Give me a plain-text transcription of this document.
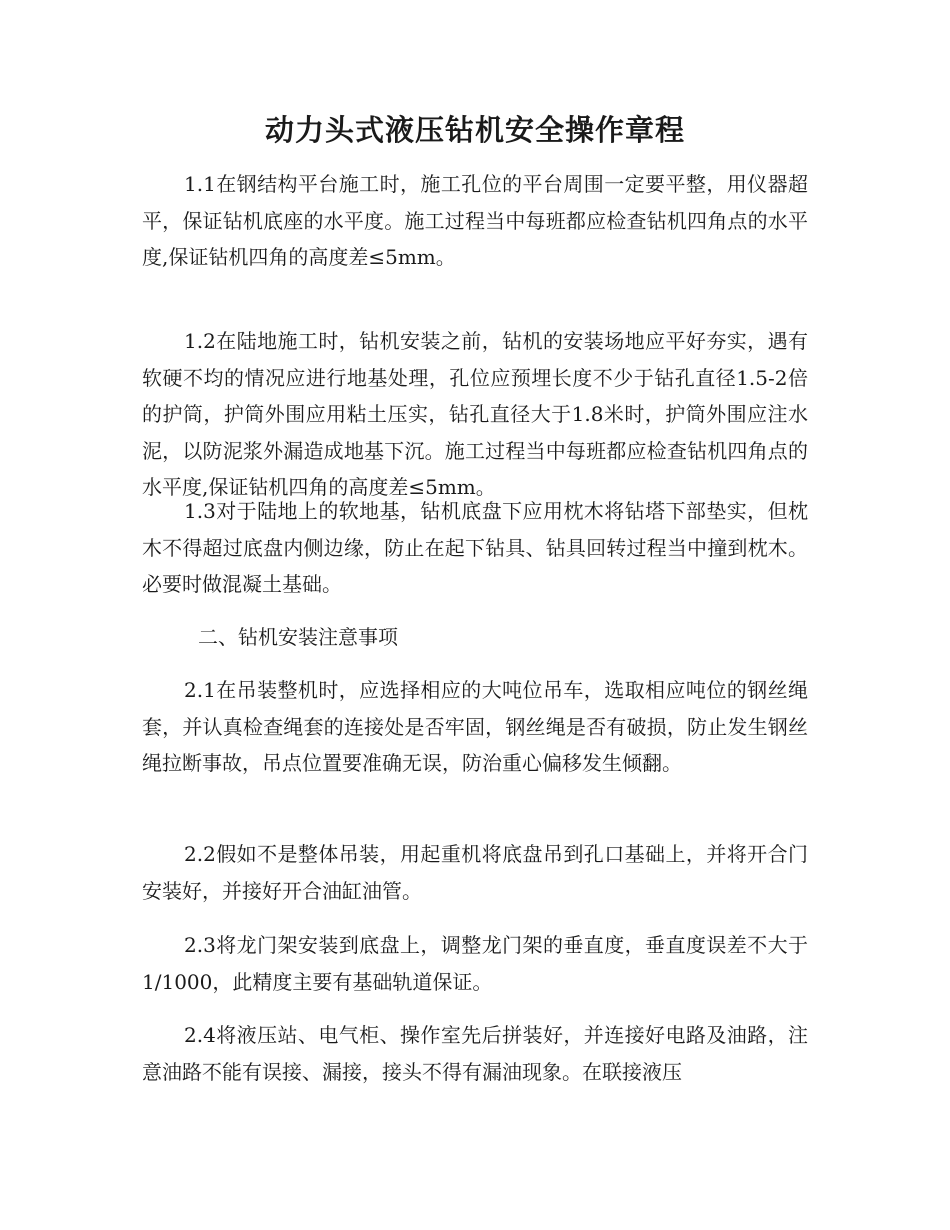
动力头式液压钻机安全操作章程

1.1在钢结构平台施工时，施工孔位的平台周围一定要平整，用仪器超平，保证钻机底座的水平度。施工过程当中每班都应检查钻机四角点的水平度,保证钻机四角的高度差≤5mm。

1.2在陆地施工时，钻机安装之前，钻机的安装场地应平好夯实，遇有软硬不均的情况应进行地基处理，孔位应预埋长度不少于钻孔直径1.5-2倍的护筒，护筒外围应用粘土压实，钻孔直径大于1.8米时，护筒外围应注水泥，以防泥浆外漏造成地基下沉。施工过程当中每班都应检查钻机四角点的水平度,保证钻机四角的高度差≤5mm。

1.3对于陆地上的软地基，钻机底盘下应用枕木将钻塔下部垫实，但枕木不得超过底盘内侧边缘，防止在起下钻具、钻具回转过程当中撞到枕木。必要时做混凝土基础。

二、钻机安装注意事项

2.1在吊装整机时，应选择相应的大吨位吊车，选取相应吨位的钢丝绳套，并认真检查绳套的连接处是否牢固，钢丝绳是否有破损，防止发生钢丝绳拉断事故，吊点位置要准确无误，防治重心偏移发生倾翻。

2.2假如不是整体吊装，用起重机将底盘吊到孔口基础上，并将开合门安装好，并接好开合油缸油管。

2.3将龙门架安装到底盘上，调整龙门架的垂直度，垂直度误差不大于1/1000，此精度主要有基础轨道保证。

2.4将液压站、电气柜、操作室先后拼装好，并连接好电路及油路，注意油路不能有误接、漏接，接头不得有漏油现象。在联接液压
